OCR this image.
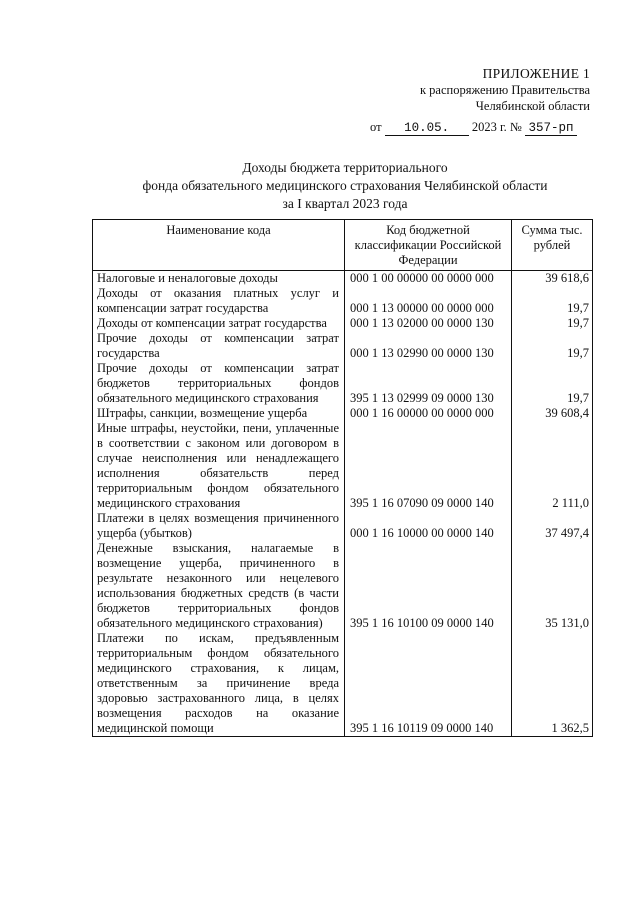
ПРИЛОЖЕНИЕ 1
к распоряжению Правительства
Челябинской области
от 10.05. 2023 г. № 357-рп
Доходы бюджета территориального
фонда обязательного медицинского страхования Челябинской области
за I квартал 2023 года
Наименование кода	Код бюджетной классификации Российской Федерации	Сумма тыс. рублей
Налоговые и неналоговые доходы	000 1 00 00000 00 0000 000	39 618,6
Доходы от оказания платных услуг и компенсации затрат государства	000 1 13 00000 00 0000 000	19,7
Доходы от компенсации затрат государства	000 1 13 02000 00 0000 130	19,7
Прочие доходы от компенсации затрат государства	000 1 13 02990 00 0000 130	19,7
Прочие доходы от компенсации затрат бюджетов территориальных фондов обязательного медицинского страхования	395 1 13 02999 09 0000 130	19,7
Штрафы, санкции, возмещение ущерба	000 1 16 00000 00 0000 000	39 608,4
Иные штрафы, неустойки, пени, уплаченные в соответствии с законом или договором в случае неисполнения или ненадлежащего исполнения обязательств перед территориальным фондом обязательного медицинского страхования	395 1 16 07090 09 0000 140	2 111,0
Платежи в целях возмещения причиненного ущерба (убытков)	000 1 16 10000 00 0000 140	37 497,4
Денежные взыскания, налагаемые в возмещение ущерба, причиненного в результате незаконного или нецелевого использования бюджетных средств (в части бюджетов территориальных фондов обязательного медицинского страхования)	395 1 16 10100 09 0000 140	35 131,0
Платежи по искам, предъявленным территориальным фондом обязательного медицинского страхования, к лицам, ответственным за причинение вреда здоровью застрахованного лица, в целях возмещения расходов на оказание медицинской помощи	395 1 16 10119 09 0000 140	1 362,5
